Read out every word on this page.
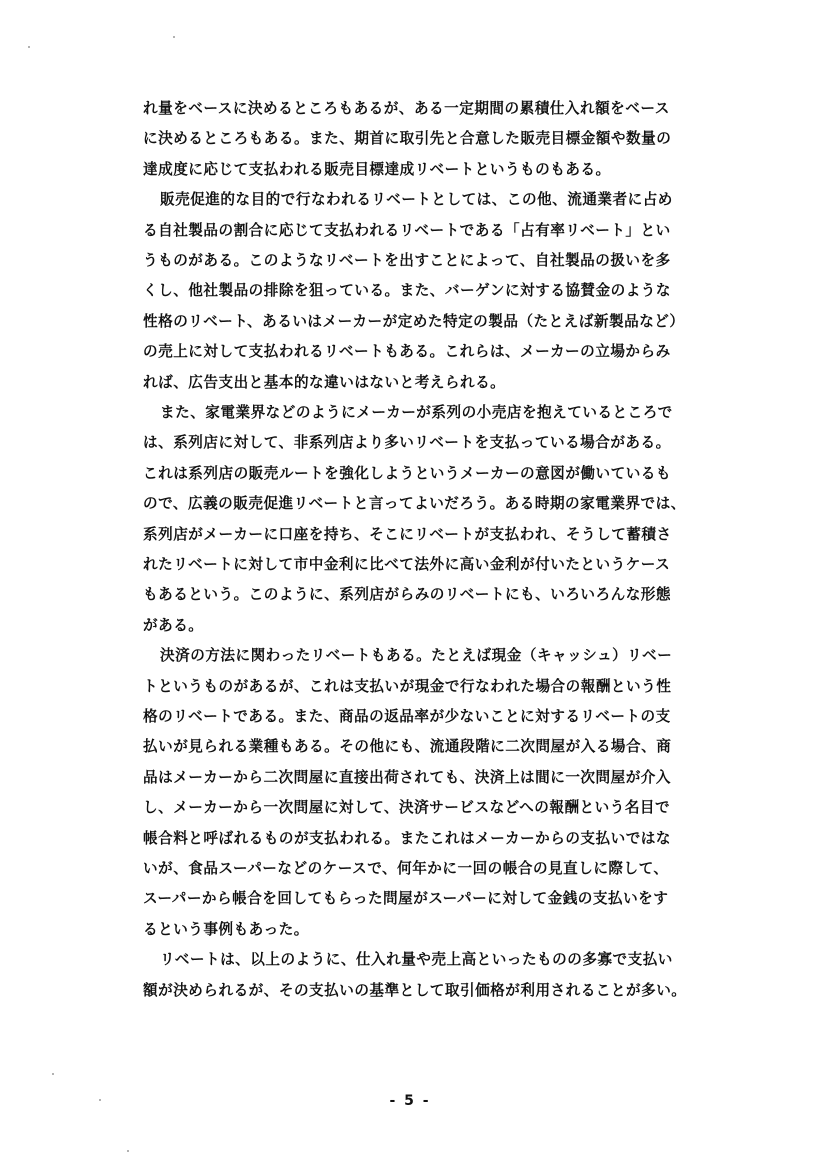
れ量をベースに決めるところもあるが、ある一定期間の累積仕入れ額をベース
に決めるところもある。また、期首に取引先と合意した販売目標金額や数量の
達成度に応じて支払われる販売目標達成リベートというものもある。
販売促進的な目的で行なわれるリベートとしては、この他、流通業者に占め
る自社製品の割合に応じて支払われるリベートである「占有率リベート」とい
うものがある。このようなリベートを出すことによって、自社製品の扱いを多
くし、他社製品の排除を狙っている。また、バーゲンに対する協賛金のような
性格のリベート、あるいはメーカーが定めた特定の製品（たとえば新製品など）
の売上に対して支払われるリベートもある。これらは、メーカーの立場からみ
れば、広告支出と基本的な違いはないと考えられる。
また、家電業界などのようにメーカーが系列の小売店を抱えているところで
は、系列店に対して、非系列店より多いリベートを支払っている場合がある。
これは系列店の販売ルートを強化しようというメーカーの意図が働いているも
ので、広義の販売促進リベートと言ってよいだろう。ある時期の家電業界では、
系列店がメーカーに口座を持ち、そこにリベートが支払われ、そうして蓄積さ
れたリベートに対して市中金利に比べて法外に高い金利が付いたというケース
もあるという。このように、系列店がらみのリベートにも、いろいろんな形態
がある。
決済の方法に関わったリベートもある。たとえば現金（キャッシュ）リベー
トというものがあるが、これは支払いが現金で行なわれた場合の報酬という性
格のリベートである。また、商品の返品率が少ないことに対するリベートの支
払いが見られる業種もある。その他にも、流通段階に二次問屋が入る場合、商
品はメーカーから二次問屋に直接出荷されても、決済上は間に一次問屋が介入
し、メーカーから一次問屋に対して、決済サービスなどへの報酬という名目で
帳合料と呼ばれるものが支払われる。またこれはメーカーからの支払いではな
いが、食品スーパーなどのケースで、何年かに一回の帳合の見直しに際して、
スーパーから帳合を回してもらった問屋がスーパーに対して金銭の支払いをす
るという事例もあった。
リベートは、以上のように、仕入れ量や売上高といったものの多寡で支払い
額が決められるが、その支払いの基準として取引価格が利用されることが多い。
- 5 -
